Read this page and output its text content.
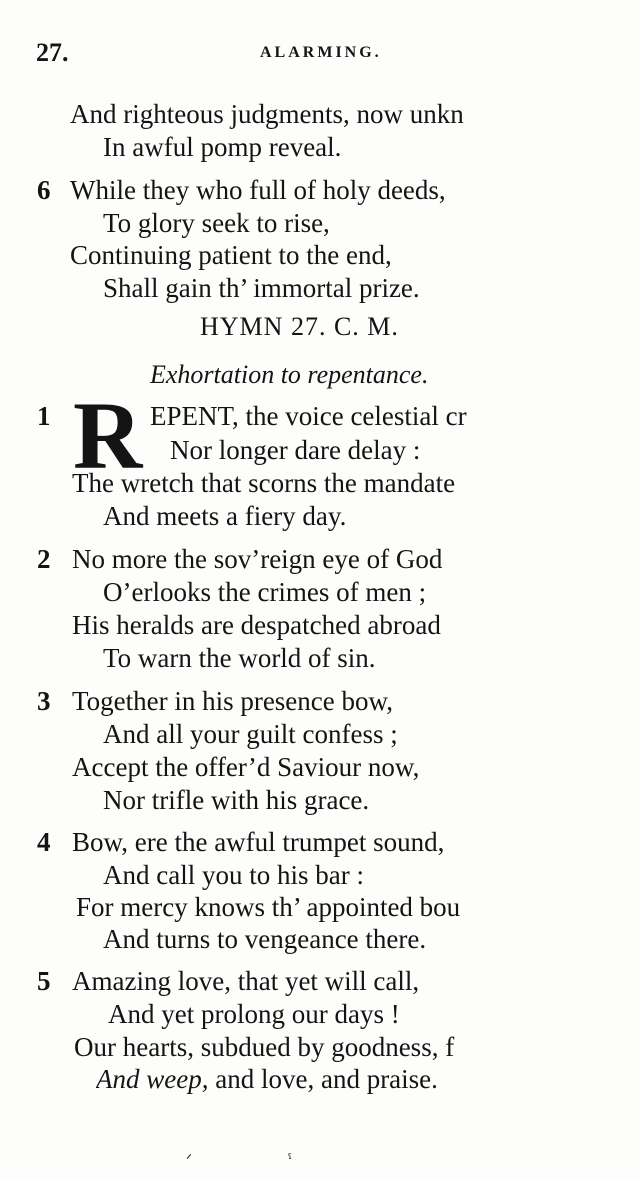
27.	ALARMING.
And righteous judgments, now unkn
In awful pomp reveal.
6 While they who full of holy deeds,
To glory seek to rise,
Continuing patient to the end,
Shall gain th’ immortal prize.
HYMN 27. C. M.
Exhortation to repentance.
1 R EPENT, the voice celestial cr
Nor longer dare delay :
The wretch that scorns the mandate
And meets a fiery day.
2 No more the sov’reign eye of God
O’erlooks the crimes of men ;
His heralds are despatched abroad
To warn the world of sin.
3 Together in his presence bow,
And all your guilt confess ;
Accept the offer’d Saviour now,
Nor trifle with his grace.
4 Bow, ere the awful trumpet sound,
And call you to his bar :
For mercy knows th’ appointed bou
And turns to vengeance there.
5 Amazing love, that yet will call,
And yet prolong our days !
Our hearts, subdued by goodness, f
And weep, and love, and praise.
ᐟ	ˤ
